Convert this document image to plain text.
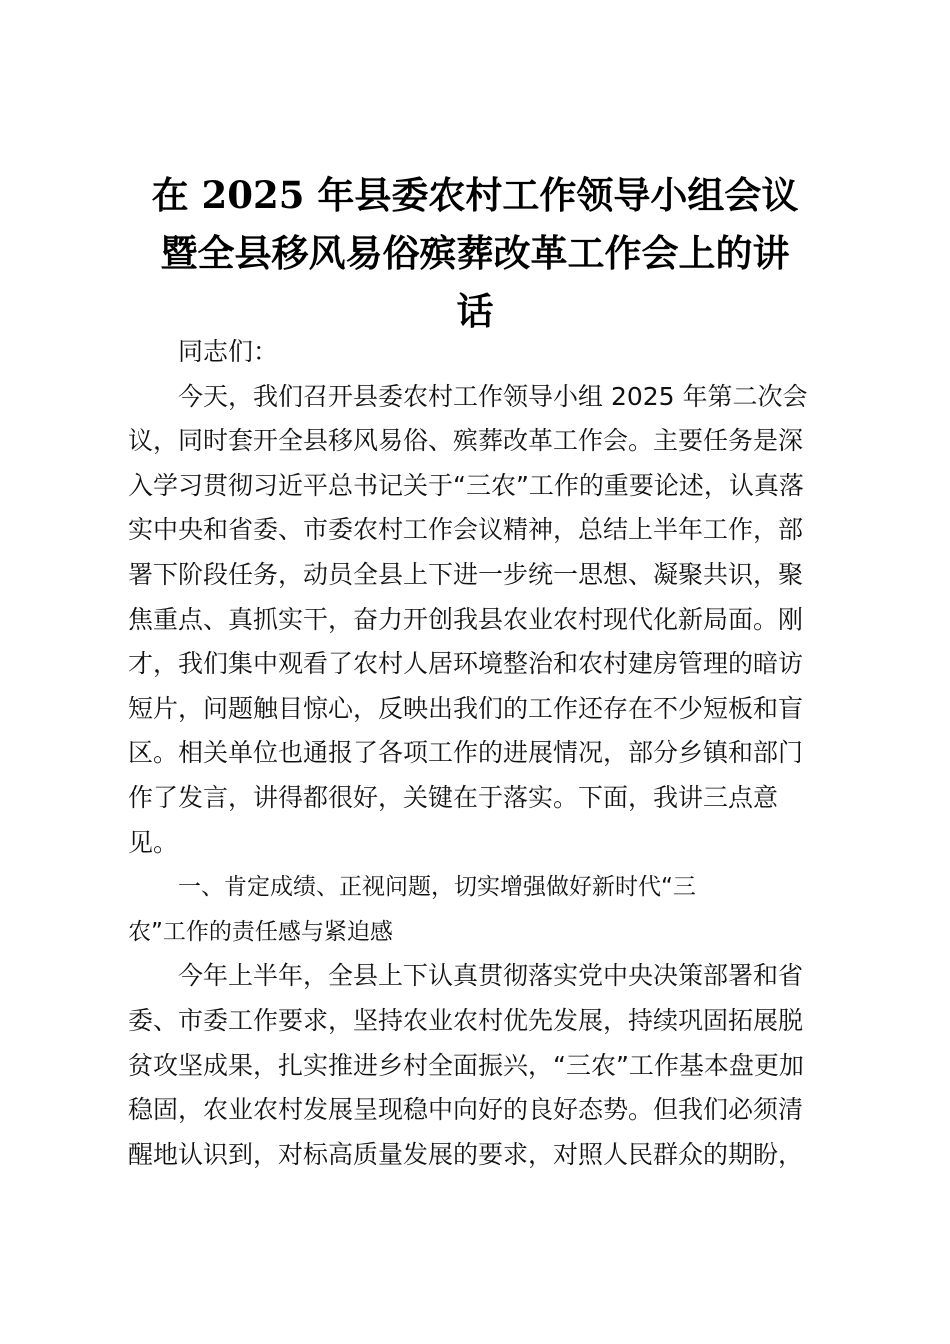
在 2025 年县委农村工作领导小组会议
暨全县移风易俗殡葬改革工作会上的讲
话
同志们：
今天，我们召开县委农村工作领导小组 2025 年第二次会
议，同时套开全县移风易俗、殡葬改革工作会。主要任务是深
入学习贯彻习近平总书记关于“三农”工作的重要论述，认真落
实中央和省委、市委农村工作会议精神，总结上半年工作，部
署下阶段任务，动员全县上下进一步统一思想、凝聚共识，聚
焦重点、真抓实干，奋力开创我县农业农村现代化新局面。刚
才，我们集中观看了农村人居环境整治和农村建房管理的暗访
短片，问题触目惊心，反映出我们的工作还存在不少短板和盲
区。相关单位也通报了各项工作的进展情况，部分乡镇和部门
作了发言，讲得都很好，关键在于落实。下面，我讲三点意
见。
一、肯定成绩、正视问题，切实增强做好新时代“三
农”工作的责任感与紧迫感
今年上半年，全县上下认真贯彻落实党中央决策部署和省
委、市委工作要求，坚持农业农村优先发展，持续巩固拓展脱
贫攻坚成果，扎实推进乡村全面振兴，“三农”工作基本盘更加
稳固，农业农村发展呈现稳中向好的良好态势。但我们必须清
醒地认识到，对标高质量发展的要求，对照人民群众的期盼，
